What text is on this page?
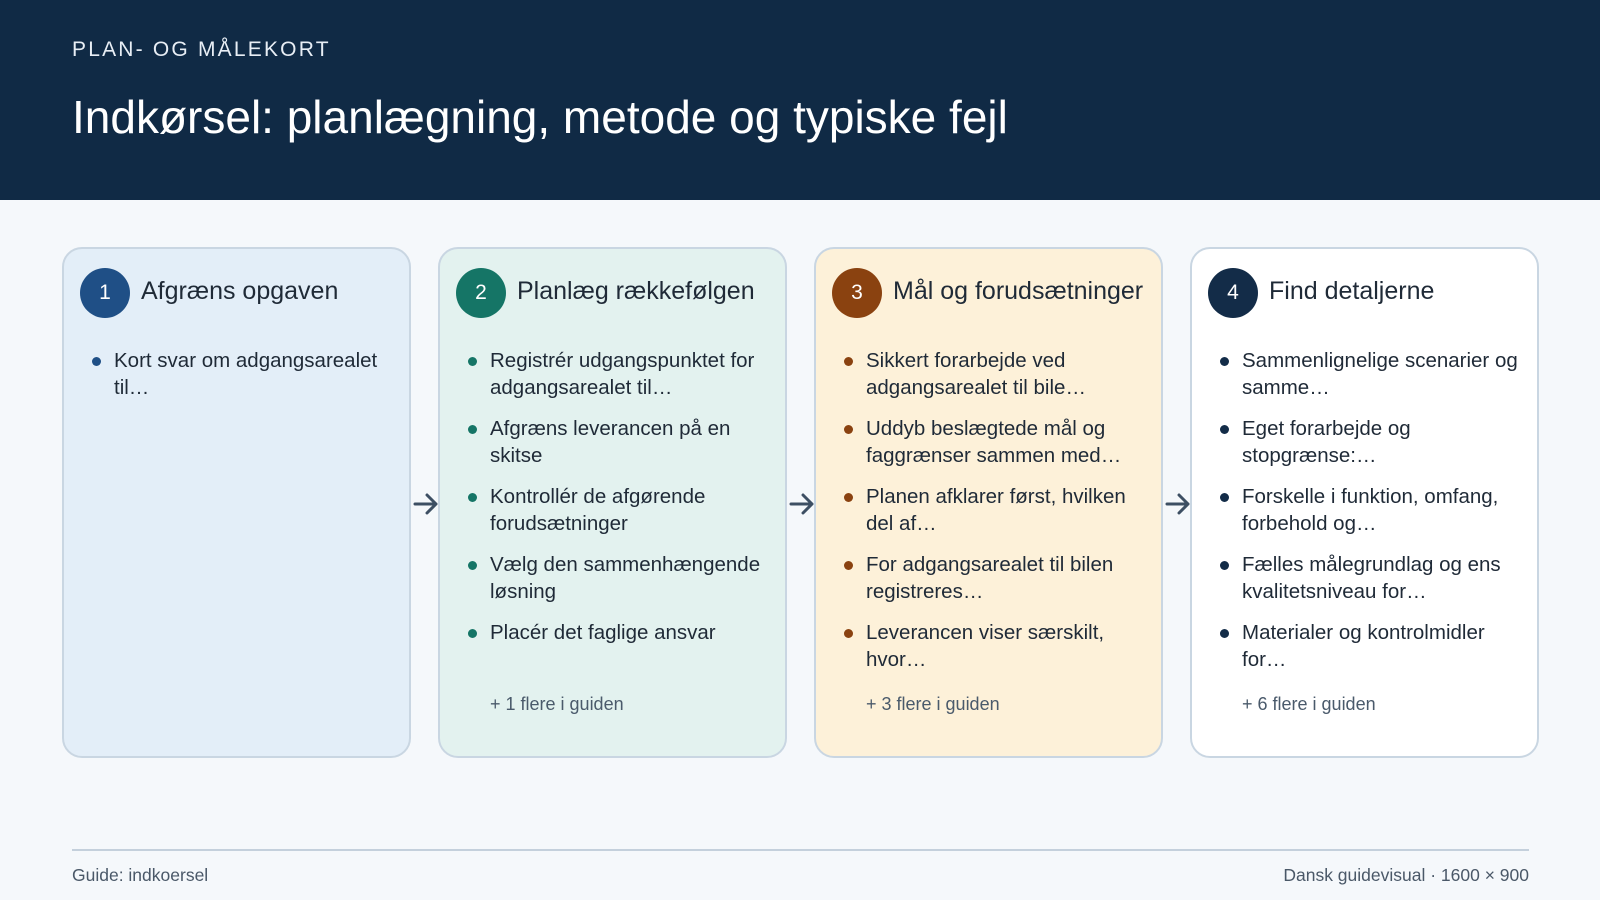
PLAN- OG MÅLEKORT
Indkørsel: planlægning, metode og typiske fejl
1	Afgræns opgaven
Kort svar om adgangsarealet til…
2	Planlæg rækkefølgen
Registrér udgangspunktet for adgangsarealet til…
Afgræns leverancen på en skitse
Kontrollér de afgørende forudsætninger
Vælg den sammenhængende løsning
Placér det faglige ansvar
+ 1 flere i guiden
3	Mål og forudsætninger
Sikkert forarbejde ved adgangsarealet til bile…
Uddyb beslægtede mål og faggrænser sammen med…
Planen afklarer først, hvilken del af…
For adgangsarealet til bilen registreres…
Leverancen viser særskilt, hvor…
+ 3 flere i guiden
4	Find detaljerne
Sammenlignelige scenarier og samme…
Eget forarbejde og stopgrænse:…
Forskelle i funktion, omfang, forbehold og…
Fælles målegrundlag og ens kvalitetsniveau for…
Materialer og kontrolmidler for…
+ 6 flere i guiden
Guide: indkoersel	Dansk guidevisual · 1600 × 900
